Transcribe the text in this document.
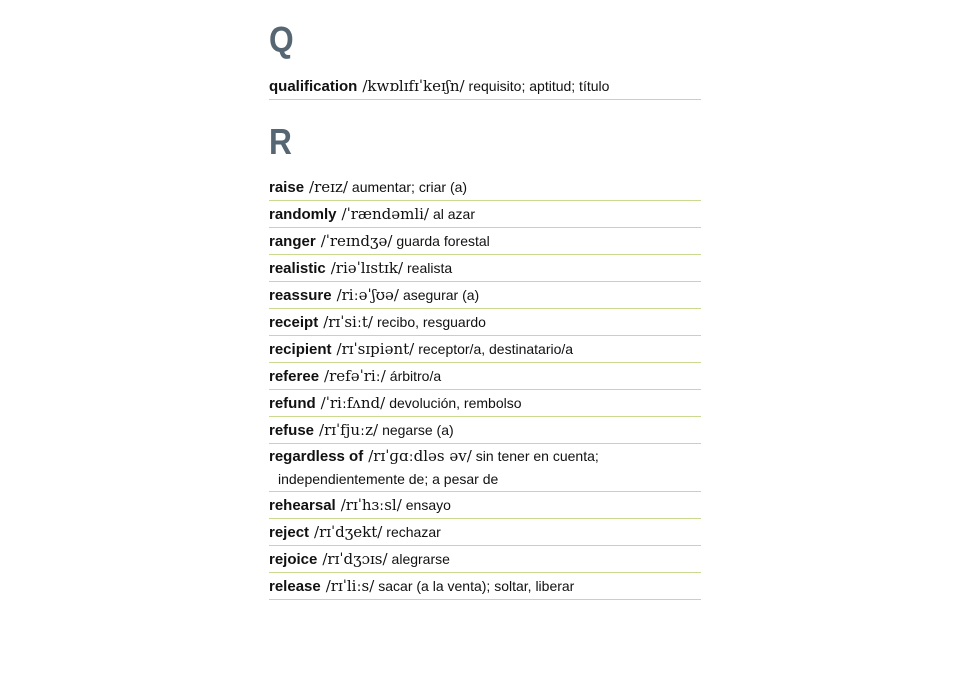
Q
qualification /kwɒlɪfɪˈkeɪʃn/ requisito; aptitud; título
R
raise /reɪz/ aumentar; criar (a)
randomly /ˈrændəmli/ al azar
ranger /ˈreɪndʒə/ guarda forestal
realistic /riəˈlɪstɪk/ realista
reassure /riːəˈʃʊə/ asegurar (a)
receipt /rɪˈsiːt/ recibo, resguardo
recipient /rɪˈsɪpiənt/ receptor/a, destinatario/a
referee /refəˈriː/ árbitro/a
refund /ˈriːfʌnd/ devolución, rembolso
refuse /rɪˈfjuːz/ negarse (a)
regardless of /rɪˈɡɑːdləs əv/ sin tener en cuenta;
independientemente de; a pesar de
rehearsal /rɪˈhɜːsl/ ensayo
reject /rɪˈdʒekt/ rechazar
rejoice /rɪˈdʒɔɪs/ alegrarse
release /rɪˈliːs/ sacar (a la venta); soltar, liberar
